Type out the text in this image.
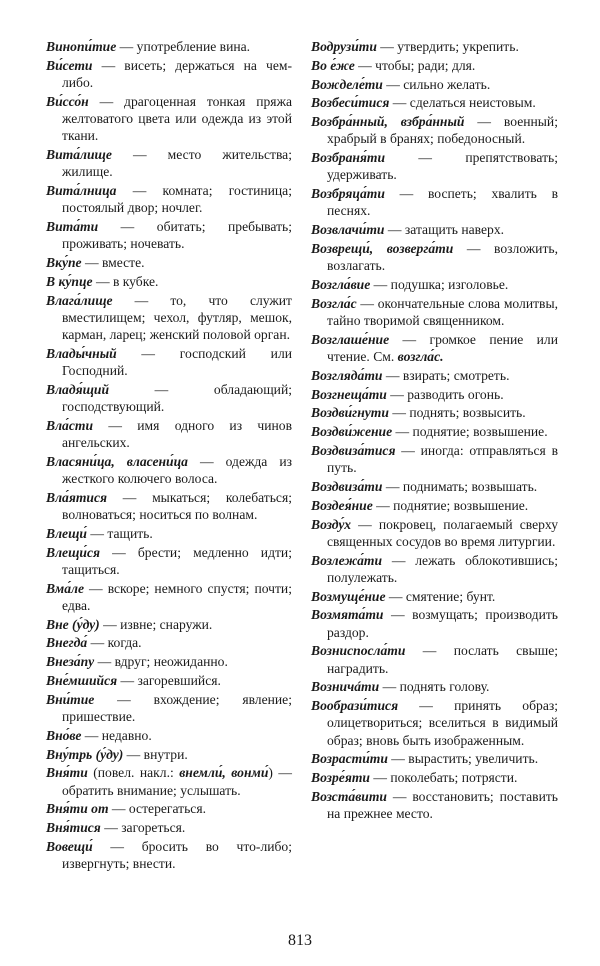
Винопи́тие — употребление вина.
Ви́сети — висеть; держаться на чем-либо.
Ви́ссо́н — драгоценная тонкая пряжа желтоватого цвета или одежда из этой ткани.
Вита́лище — место жительства; жилище.
Вита́лница — комната; гостиница; постоялый двор; ночлег.
Вита́ти — обитать; пребывать; проживать; ночевать.
Вку́пе — вместе.
В ку́пце — в кубке.
Влага́лище — то, что служит вместилищем; чехол, футляр, мешок, карман, ларец; женский половой орган.
Влады́чный — господский или Господний.
Владя́щий — обладающий; господствующий.
Вла́сти — имя одного из чинов ангельских.
Власяни́ца, власени́ца — одежда из жесткого колючего волоса.
Вла́ятися — мыкаться; колебаться; волноваться; носиться по волнам.
Влещи́ — тащить.
Влещи́ся — брести; медленно идти; тащиться.
Вма́ле — вскоре; немного спустя; почти; едва.
Вне (у́ду) — извне; снаружи.
Внегда́ — когда.
Внеза́пу — вдруг; неожиданно.
Вне́мшийся — загоревшийся.
Вни́тие — вхождение; явление; пришествие.
Вно́ве — недавно.
Вну́трь (у́ду) — внутри.
Вня́ти (повел. накл.: внемли́, вонми́) — обратить внимание; услышать.
Вня́ти от — остерегаться.
Вня́тися — загореться.
Вовещи́ — бросить во что-либо; извергнуть; внести.
Водрузи́ти — утвердить; укрепить.
Во е́же — чтобы; ради; для.
Вожделе́ти — сильно желать.
Возбеси́тися — сделаться неистовым.
Возбра́нный, взбра́нный — военный; храбрый в бранях; победоносный.
Возбраня́ти — препятствовать; удерживать.
Возбряца́ти — воспеть; хвалить в песнях.
Возвлачи́ти — затащить наверх.
Возврещи́, возверга́ти — возложить, возлагать.
Возгла́вие — подушка; изголовье.
Возгла́с — окончательные слова молитвы, тайно творимой священником.
Возглаше́ние — громкое пение или чтение. См. возгла́с.
Возгляда́ти — взирать; смотреть.
Возгнеща́ти — разводить огонь.
Воздви́гнути — поднять; возвысить.
Воздви́жение — поднятие; возвышение.
Воздвиза́тися — иногда: отправляться в путь.
Воздвиза́ти — поднимать; возвышать.
Воздея́ние — поднятие; возвышение.
Возду́х — покровец, полагаемый сверху священных сосудов во время литургии.
Возлежа́ти — лежать облокотившись; полулежать.
Возмуще́ние — смятение; бунт.
Возмята́ти — возмущать; производить раздор.
Возниспосла́ти — послать свыше; наградить.
Возничáти — поднять голову.
Вообрази́тися — принять образ; олицетвориться; вселиться в видимый образ; вновь быть изображенным.
Возрасти́ти — вырастить; увеличить.
Возре́яти — поколебать; потрясти.
Возста́вити — восстановить; поставить на прежнее место.
813
